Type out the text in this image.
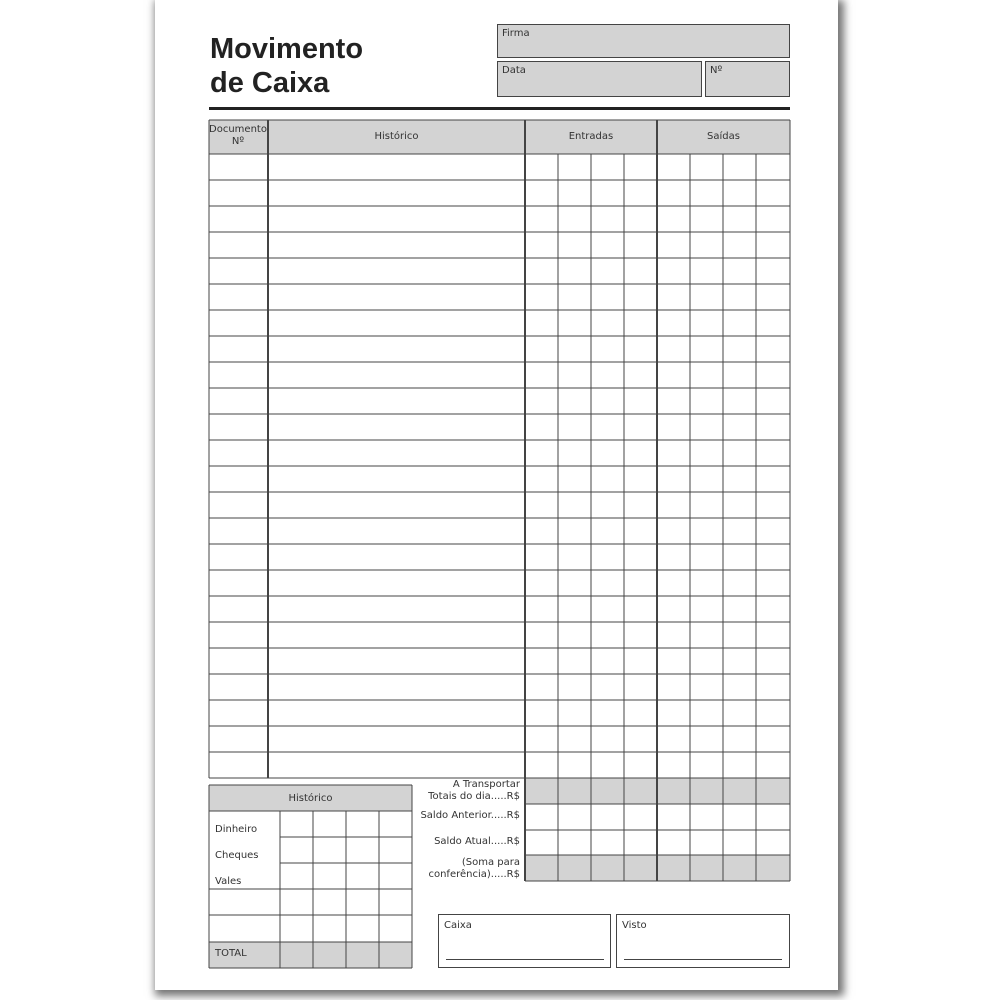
Movimento
de Caixa
Firma
Data	Nº
Documento
Nº	Histórico	Entradas	Saídas
A Transportar
Totais do dia.....R$
Saldo Anterior.....R$
Saldo Atual.....R$
(Soma para
conferência).....R$
Histórico
Dinheiro
Cheques
Vales
TOTAL
Caixa	Visto
